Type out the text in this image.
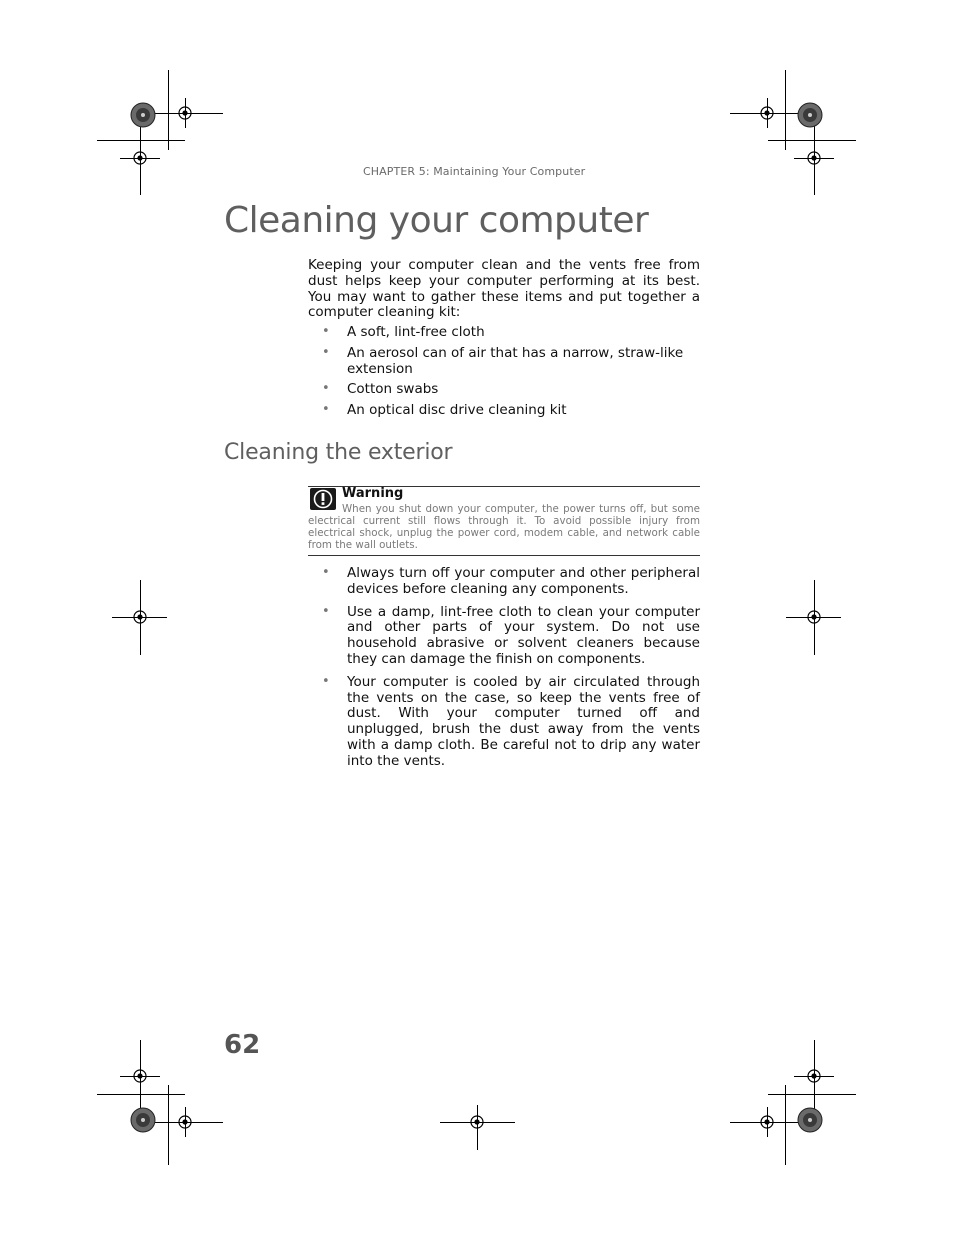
CHAPTER 5: Maintaining Your Computer
Cleaning your computer
Keeping your computer clean and the vents free from dust helps keep your computer performing at its best. You may want to gather these items and put together a computer cleaning kit:
• A soft, lint-free cloth
• An aerosol can of air that has a narrow, straw-like extension
• Cotton swabs
• An optical disc drive cleaning kit
Cleaning the exterior
Warning
When you shut down your computer, the power turns off, but some electrical current still flows through it. To avoid possible injury from electrical shock, unplug the power cord, modem cable, and network cable from the wall outlets.
• Always turn off your computer and other peripheral devices before cleaning any components.
• Use a damp, lint-free cloth to clean your computer and other parts of your system. Do not use household abrasive or solvent cleaners because they can damage the finish on components.
• Your computer is cooled by air circulated through the vents on the case, so keep the vents free of dust. With your computer turned off and unplugged, brush the dust away from the vents with a damp cloth. Be careful not to drip any water into the vents.
62
